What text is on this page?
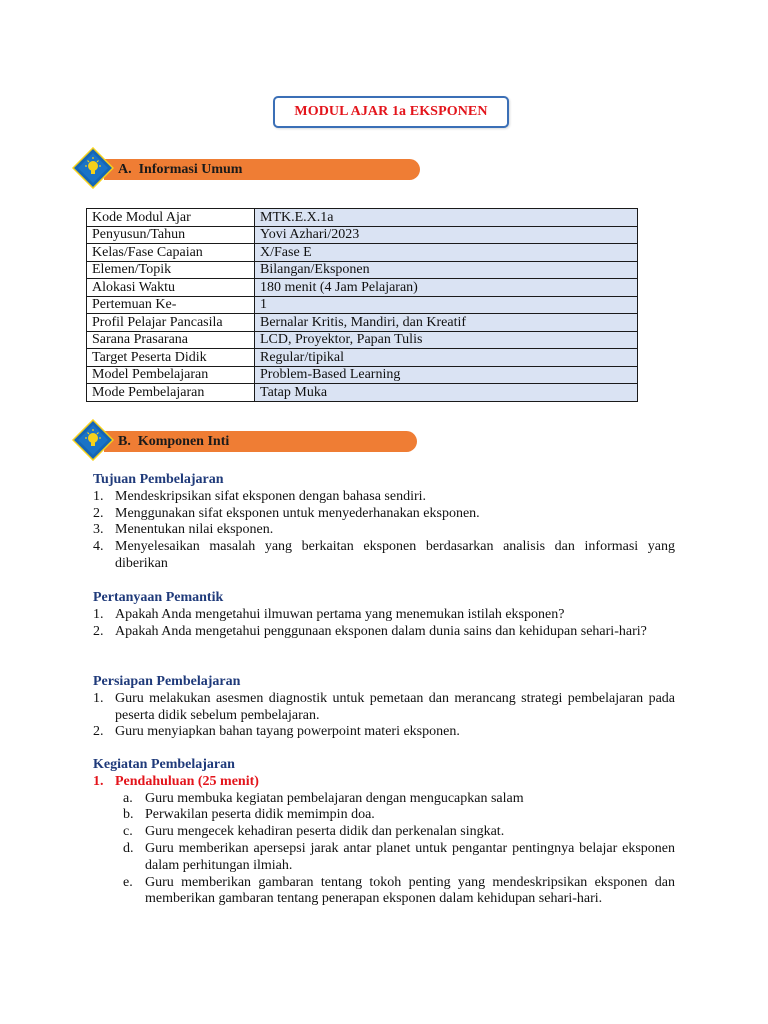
MODUL AJAR 1a EKSPONEN
A.  Informasi Umum
Kode Modul Ajar	MTK.E.X.1a
Penyusun/Tahun	Yovi Azhari/2023
Kelas/Fase Capaian	X/Fase E
Elemen/Topik	Bilangan/Eksponen
Alokasi Waktu	180 menit (4 Jam Pelajaran)
Pertemuan Ke-	1
Profil Pelajar Pancasila	Bernalar Kritis, Mandiri, dan Kreatif
Sarana Prasarana	LCD, Proyektor, Papan Tulis
Target Peserta Didik	Regular/tipikal
Model Pembelajaran	Problem-Based Learning
Mode Pembelajaran	Tatap Muka
B.  Komponen Inti
Tujuan Pembelajaran
1. Mendeskripsikan sifat eksponen dengan bahasa sendiri.
2. Menggunakan sifat eksponen untuk menyederhanakan eksponen.
3. Menentukan nilai eksponen.
4. Menyelesaikan masalah yang berkaitan eksponen berdasarkan analisis dan informasi yang diberikan
Pertanyaan Pemantik
1. Apakah Anda mengetahui ilmuwan pertama yang menemukan istilah eksponen?
2. Apakah Anda mengetahui penggunaan eksponen dalam dunia sains dan kehidupan sehari-hari?
Persiapan Pembelajaran
1. Guru melakukan asesmen diagnostik untuk pemetaan dan merancang strategi pembelajaran pada peserta didik sebelum pembelajaran.
2. Guru menyiapkan bahan tayang powerpoint materi eksponen.
Kegiatan Pembelajaran
1. Pendahuluan (25 menit)
a. Guru membuka kegiatan pembelajaran dengan mengucapkan salam
b. Perwakilan peserta didik memimpin doa.
c. Guru mengecek kehadiran peserta didik dan perkenalan singkat.
d. Guru memberikan apersepsi jarak antar planet untuk pengantar pentingnya belajar eksponen dalam perhitungan ilmiah.
e. Guru memberikan gambaran tentang tokoh penting yang mendeskripsikan eksponen dan memberikan gambaran tentang penerapan eksponen dalam kehidupan sehari-hari.
